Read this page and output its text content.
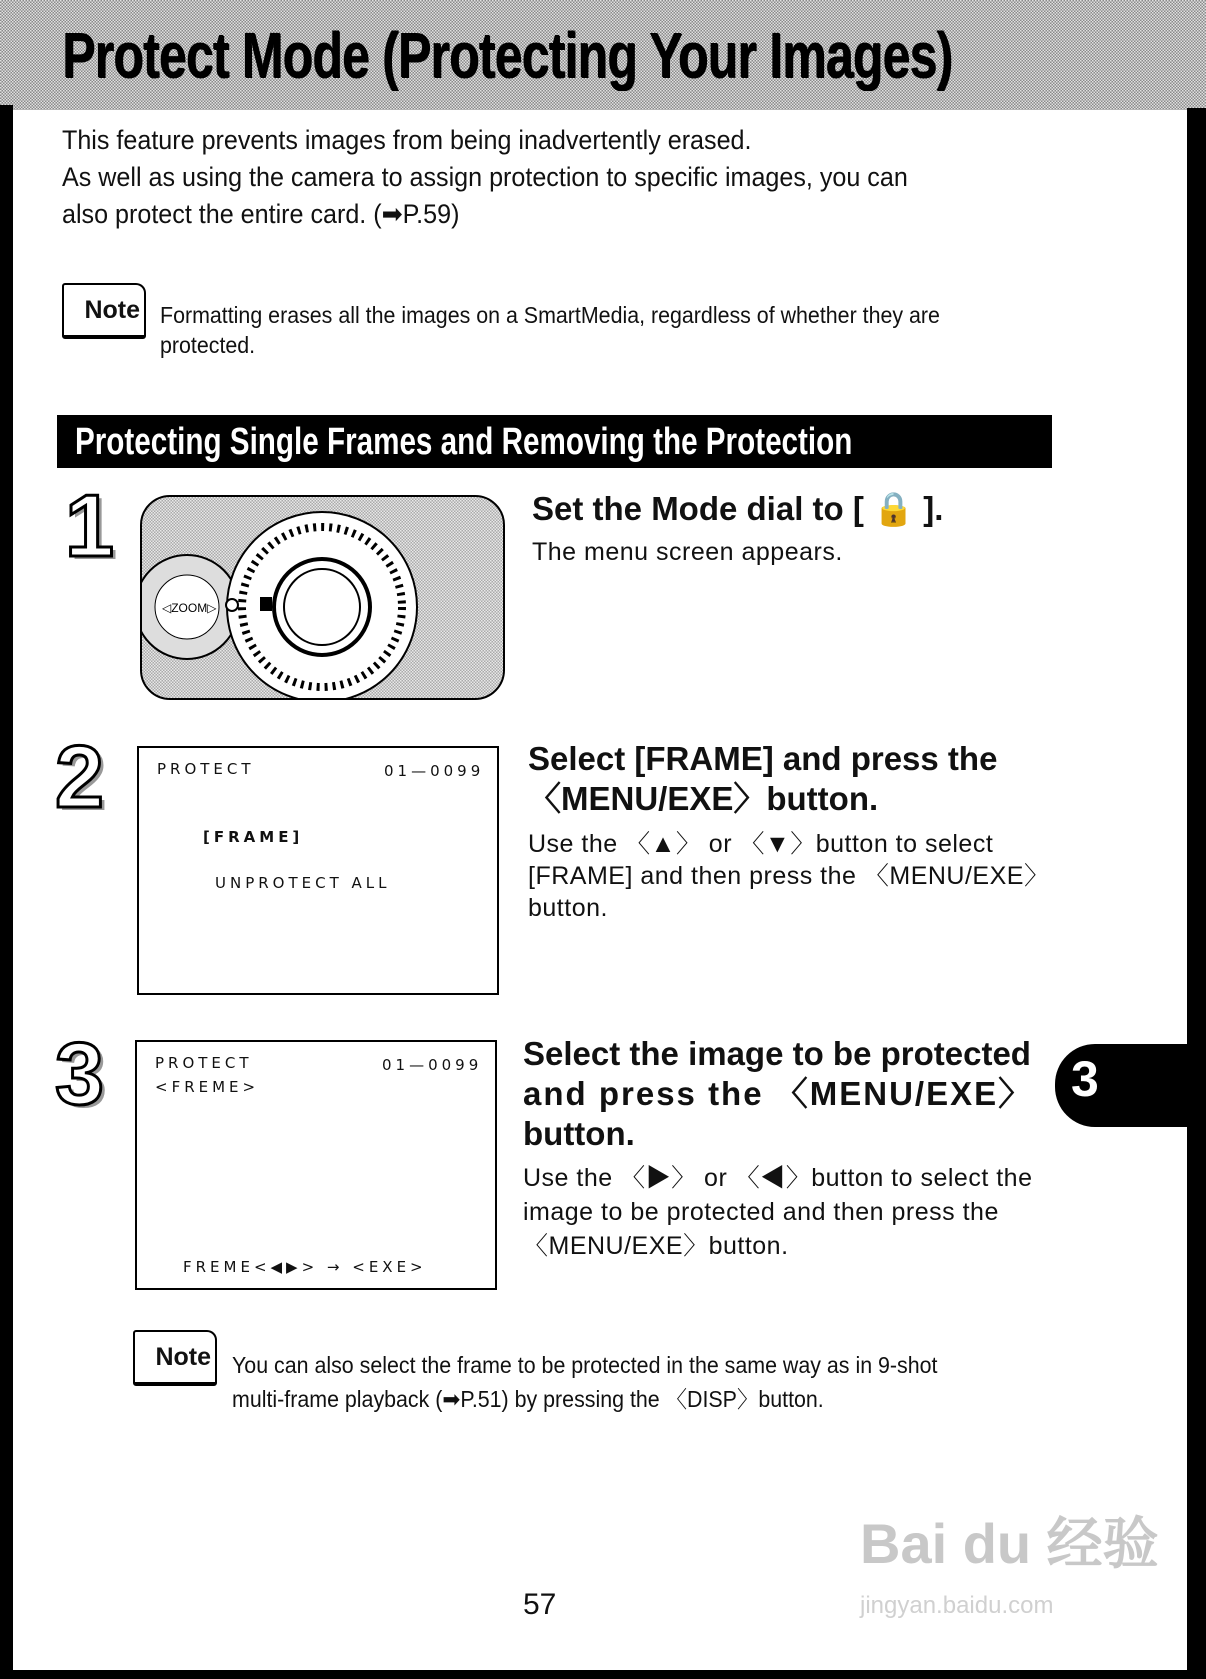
Protect Mode (Protecting Your Images)
This feature prevents images from being inadvertently erased.
As well as using the camera to assign protection to specific images, you can
also protect the entire card. (➡P.59)
Note Formatting erases all the images on a SmartMedia, regardless of whether they are
protected.
Protecting Single Frames and Removing the Protection
1
◁ZOOM▷
Set the Mode dial to [ 🔒 ].
The menu screen appears.
2	PROTECT	01—0099
[FRAME]
UNPROTECT ALL
Select [FRAME] and press the
〈MENU/EXE〉button.
Use the 〈▲〉 or 〈▼〉button to select
[FRAME] and then press the 〈MENU/EXE〉
button.
3	PROTECT	01—0099
<FREME>
FREME<◀▶> → <EXE>
Select the image to be protected
and press the 〈MENU/EXE〉
button.
Use the 〈▶〉 or 〈◀〉button to select the
image to be protected and then press the
〈MENU/EXE〉button.
3
Note You can also select the frame to be protected in the same way as in 9-shot
multi-frame playback (➡P.51) by pressing the 〈DISP〉button.
57
Bai du 经验
jingyan.baidu.com
